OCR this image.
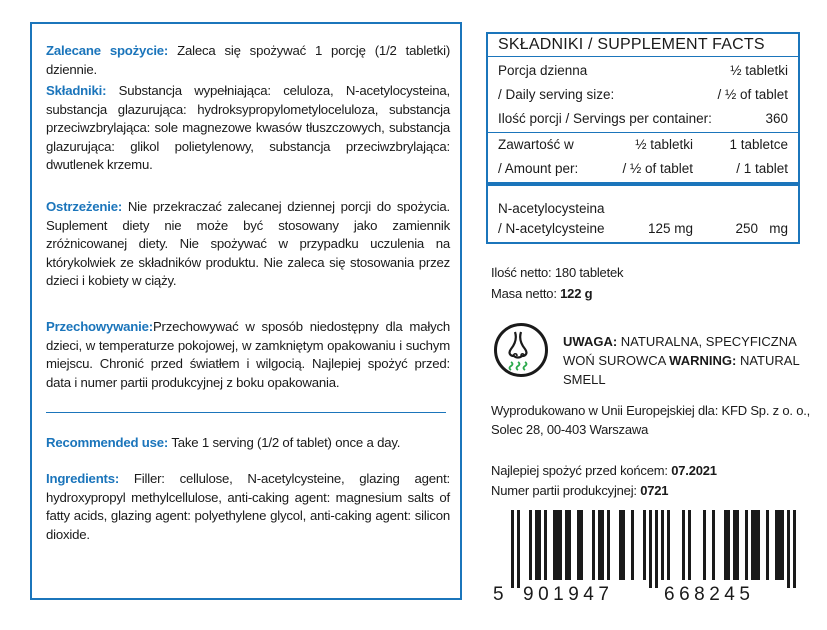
Zalecane spożycie: Zaleca się spożywać 1 porcję (1/2 tabletki) dziennie.
Składniki: Substancja wypełniająca: celuloza, N-acetylocysteina, substancja glazurująca: hydroksypropylometyloceluloza, substancja przeciwzbrylająca: sole magnezowe kwasów tłuszczowych, substancja glazurująca: glikol polietylenowy, substancja przeciwzbrylająca: dwutlenek krzemu.
Ostrzeżenie: Nie przekraczać zalecanej dziennej porcji do spożycia. Suplement diety nie może być stosowany jako zamiennik zróżnicowanej diety. Nie spożywać w przypadku uczulenia na którykolwiek ze składników produktu. Nie zaleca się stosowania przez dzieci i kobiety w ciąży.
Przechowywanie:Przechowywać w sposób niedostępny dla małych dzieci, w temperaturze pokojowej, w zamkniętym opakowaniu i suchym miejscu. Chronić przed światłem i wilgocią. Najlepiej spożyć przed: data i numer partii produkcyjnej z boku opakowania.
Recommended use: Take 1 serving (1/2 of tablet) once a day.
Ingredients: Filler: cellulose, N-acetylcysteine, glazing agent: hydroxypropyl methylcellulose, anti-caking agent: magnesium salts of fatty acids, glazing agent: polyethylene glycol, anti-caking agent: silicon dioxide.
SKŁADNIKI / SUPPLEMENT FACTS
Porcja dzienna	½ tabletki
/ Daily serving size:	/ ½ of tablet
Ilość porcji / Servings per container:	360
Zawartość w	½ tabletki	1 tabletce
/ Amount per:	/ ½ of tablet	/ 1 tablet
N-acetylocysteina
/ N-acetylcysteine	125 mg	250   mg
Ilość netto: 180 tabletek
Masa netto: 122 g
UWAGA: NATURALNA, SPECYFICZNA WOŃ SUROWCA WARNING: NATURAL SMELL
Wyprodukowano w Unii Europejskiej dla: KFD Sp. z o. o.,
Solec 28, 00-403 Warszawa
Najlepiej spożyć przed końcem: 07.2021
Numer partii produkcyjnej: 0721
5 901947	668245
